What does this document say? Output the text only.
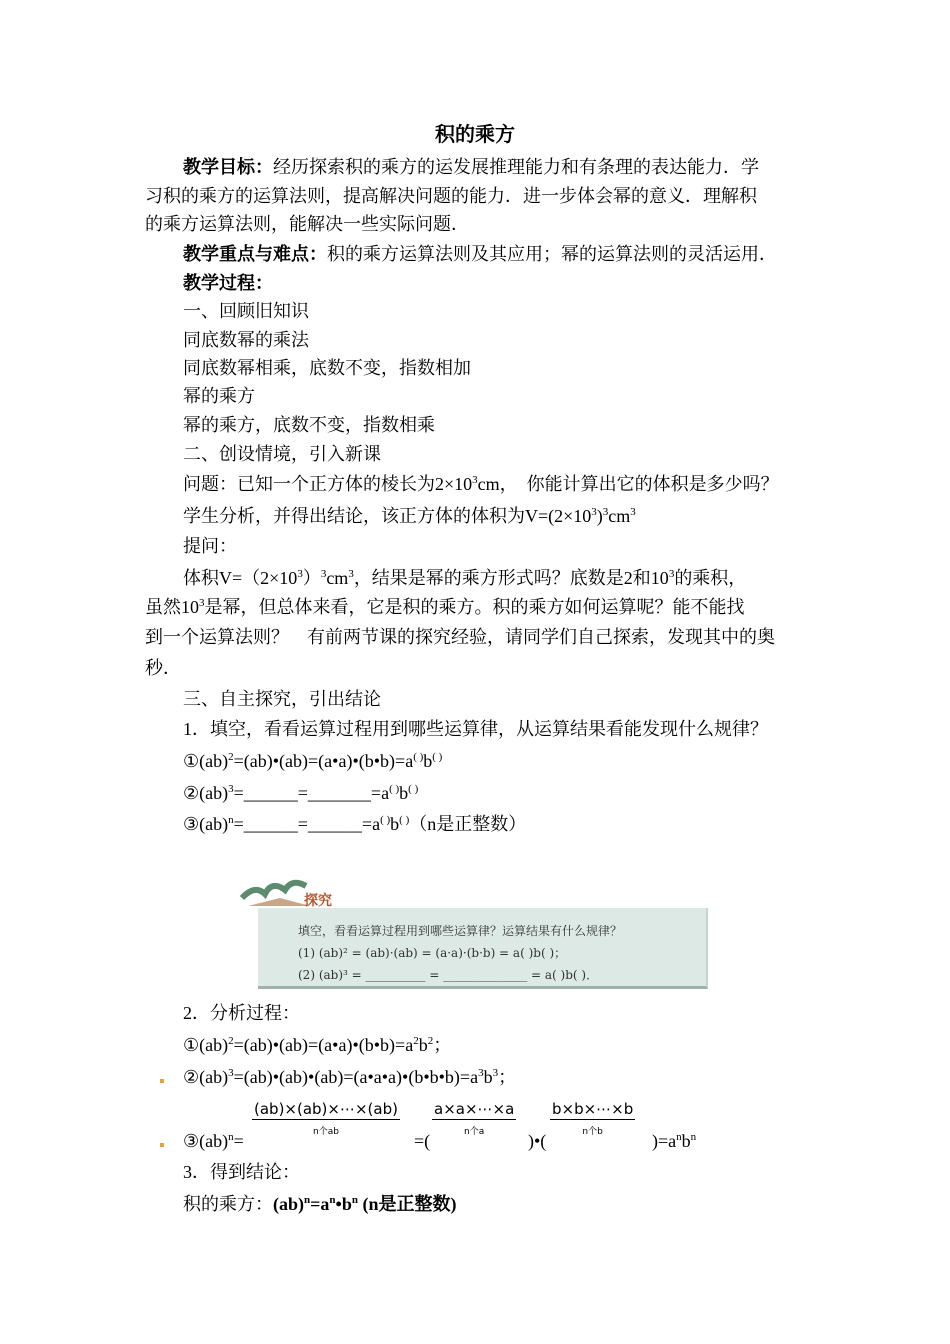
积的乘方
教学目标：经历探索积的乘方的运发展推理能力和有条理的表达能力．学
习积的乘方的运算法则，提高解决问题的能力．进一步体会幂的意义．理解积
的乘方运算法则，能解决一些实际问题．
教学重点与难点：积的乘方运算法则及其应用；幂的运算法则的灵活运用．
教学过程：
一、回顾旧知识
同底数幂的乘法
同底数幂相乘，底数不变，指数相加
幂的乘方
幂的乘方，底数不变，指数相乘
二、创设情境，引入新课
问题：已知一个正方体的棱长为$2\times 10^3cm$，　你能计算出它的体积是多少吗？
学生分析，并得出结论，该正方体的体积为$V=(2\times 10^3)^3cm^3$
提问：
体积$V=(2\times 10^3)^3cm^3$，结果是幂的乘方形式吗？底数是2和$10^3$的乘积，
虽然$10^3$是幂，但总体来看，它是积的乘方。积的乘方如何运算呢？能不能找
到一个运算法则？　有前两节课的探究经验，请同学们自己探索，发现其中的奥
秒．
三、自主探究，引出结论
1．填空，看看运算过程用到哪些运算律，从运算结果看能发现什么规律？
①(ab)$^2$=(ab)•(ab)=(a•a)•(b•b)=a( )b( )
②(ab)$^3$=______=_______=a( )b( )
③(ab)$^n$=______=______=a( )b( )（n是正整数）
2．分析过程：
$①(ab)^2=(ab)•(ab)=(a•a)•(b•b)=a^2b^2$；
$②(ab)^3=(ab)•(ab)•(ab)=(a•a•a)•(b•b•b)=a^3b^3$；
3．得到结论：
积的乘方：$(ab)^n=a^n•b^n$ (n是正整数)
探究
填空，看看运算过程用到哪些运算律？运算结果有什么规律？
(1) (ab)² = (ab)·(ab) = (a·a)·(b·b) = a( )b( )；
(2) (ab)³ = __________ = ______________ = a( )b( )．
③(ab)$^n$=
(ab)×(ab)×⋯×(ab)
n个ab	=(
a×a×⋯×a
n个a	)•(
b×b×⋯×b
n个b	)$=a^nb^n$
